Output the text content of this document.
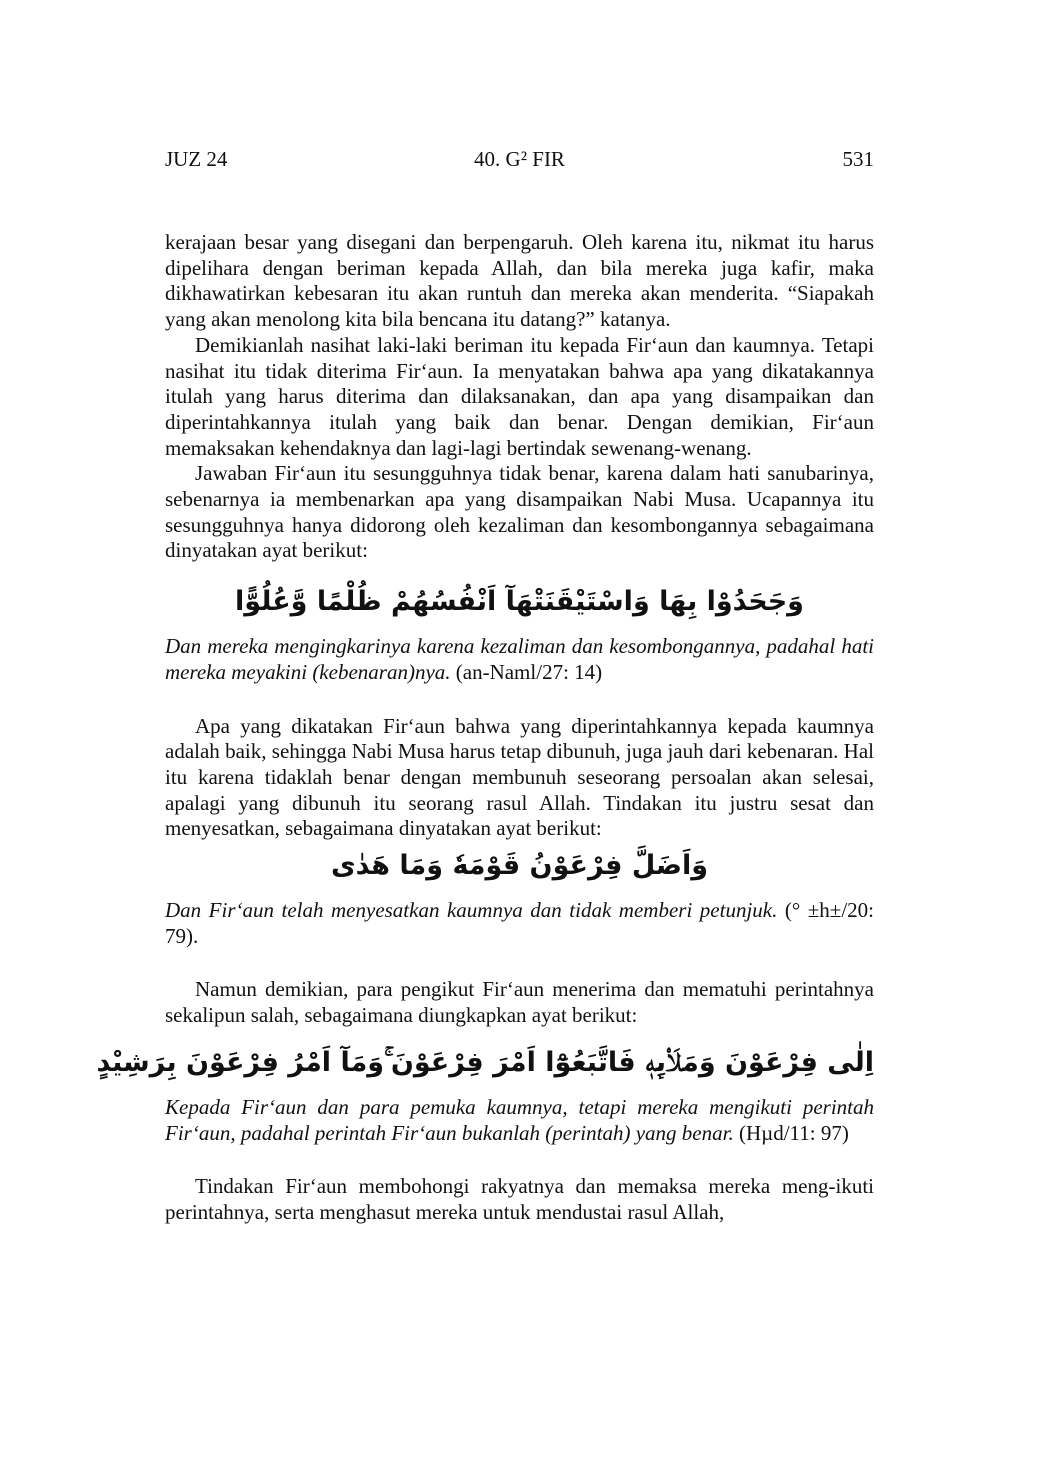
JUZ 24	40. G² FIR	531

kerajaan besar yang disegani dan berpengaruh. Oleh karena itu, nikmat itu harus dipelihara dengan beriman kepada Allah, dan bila mereka juga kafir, maka dikhawatirkan kebesaran itu akan runtuh dan mereka akan menderita. “Siapakah yang akan menolong kita bila bencana itu datang?” katanya.

Demikianlah nasihat laki-laki beriman itu kepada Fir‘aun dan kaumnya. Tetapi nasihat itu tidak diterima Fir‘aun. Ia menyatakan bahwa apa yang dikatakannya itulah yang harus diterima dan dilaksanakan, dan apa yang disampaikan dan diperintahkannya itulah yang baik dan benar. Dengan demikian, Fir‘aun memaksakan kehendaknya dan lagi-lagi bertindak sewenang-wenang.

Jawaban Fir‘aun itu sesungguhnya tidak benar, karena dalam hati sanubarinya, sebenarnya ia membenarkan apa yang disampaikan Nabi Musa. Ucapannya itu sesungguhnya hanya didorong oleh kezaliman dan kesombongannya sebagaimana dinyatakan ayat berikut:

وَجَحَدُوْا بِهَا وَاسْتَيْقَنَتْهَآ اَنْفُسُهُمْ ظُلْمًا وَّعُلُوًّا

Dan mereka mengingkarinya karena kezaliman dan kesombongannya, padahal hati mereka meyakini (kebenaran)nya. (an-Naml/27: 14)

Apa yang dikatakan Fir‘aun bahwa yang diperintahkannya kepada kaumnya adalah baik, sehingga Nabi Musa harus tetap dibunuh, juga jauh dari kebenaran. Hal itu karena tidaklah benar dengan membunuh seseorang persoalan akan selesai, apalagi yang dibunuh itu seorang rasul Allah. Tindakan itu justru sesat dan menyesatkan, sebagaimana dinyatakan ayat berikut:

وَاَضَلَّ فِرْعَوْنُ قَوْمَهٗ وَمَا هَدٰى

Dan Fir‘aun telah menyesatkan kaumnya dan tidak memberi petunjuk. (° ±h±/20: 79).

Namun demikian, para pengikut Fir‘aun menerima dan mematuhi perintahnya sekalipun salah, sebagaimana diungkapkan ayat berikut:

اِلٰى فِرْعَوْنَ وَمَلَا۟ىِٕهٖ فَاتَّبَعُوْٓا اَمْرَ فِرْعَوْنَ ۚوَمَآ اَمْرُ فِرْعَوْنَ بِرَشِيْدٍ

Kepada Fir‘aun dan para pemuka kaumnya, tetapi mereka mengikuti perintah Fir‘aun, padahal perintah Fir‘aun bukanlah (perintah) yang benar. (Hµd/11: 97)

Tindakan Fir‘aun membohongi rakyatnya dan memaksa mereka meng-ikuti perintahnya, serta menghasut mereka untuk mendustai rasul Allah,
